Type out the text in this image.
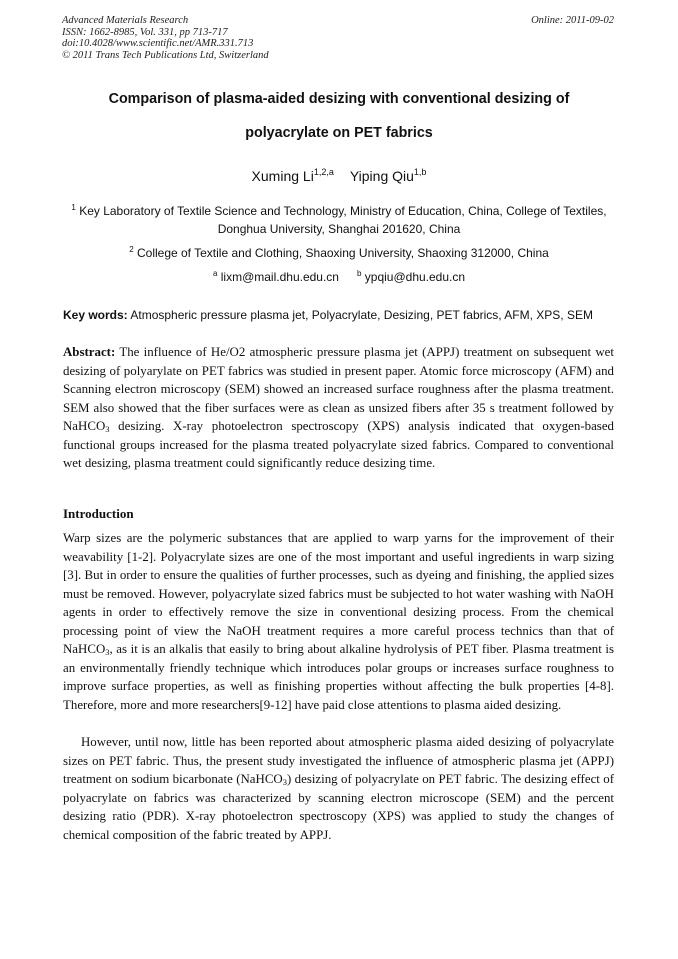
Advanced Materials Research
ISSN: 1662-8985, Vol. 331, pp 713-717
doi:10.4028/www.scientific.net/AMR.331.713
© 2011 Trans Tech Publications Ltd, Switzerland
Online: 2011-09-02
Comparison of plasma-aided desizing with conventional desizing of
polyacrylate on PET fabrics
Xuming Li$^{1,2,a}$ Yiping Qiu$^{1,b}$
$^1$ Key Laboratory of Textile Science and Technology, Ministry of Education, China, College of Textiles, Donghua University, Shanghai 201620, China
$^2$ College of Textile and Clothing, Shaoxing University, Shaoxing 312000, China
$^a$ lixm@mail.dhu.edu.cn $^b$ ypqiu@dhu.edu.cn
Key words: Atmospheric pressure plasma jet, Polyacrylate, Desizing, PET fabrics, AFM, XPS, SEM
Abstract: The influence of He/O2 atmospheric pressure plasma jet (APPJ) treatment on subsequent wet desizing of polyarylate on PET fabrics was studied in present paper. Atomic force microscopy (AFM) and Scanning electron microscopy (SEM) showed an increased surface roughness after the plasma treatment. SEM also showed that the fiber surfaces were as clean as unsized fibers after 35 s treatment followed by NaHCO$_3$ desizing. X-ray photoelectron spectroscopy (XPS) analysis indicated that oxygen-based functional groups increased for the plasma treated polyacrylate sized fabrics. Compared to conventional wet desizing, plasma treatment could significantly reduce desizing time.
Introduction
Warp sizes are the polymeric substances that are applied to warp yarns for the improvement of their weavability [1-2]. Polyacrylate sizes are one of the most important and useful ingredients in warp sizing [3]. But in order to ensure the qualities of further processes, such as dyeing and finishing, the applied sizes must be removed. However, polyacrylate sized fabrics must be subjected to hot water washing with NaOH agents in order to effectively remove the size in conventional desizing process. From the chemical processing point of view the NaOH treatment requires a more careful process technics than that of NaHCO$_3$, as it is an alkalis that easily to bring about alkaline hydrolysis of PET fiber. Plasma treatment is an environmentally friendly technique which introduces polar groups or increases surface roughness to improve surface properties, as well as finishing properties without affecting the bulk properties [4-8]. Therefore, more and more researchers[9-12] have paid close attentions to plasma aided desizing.
However, until now, little has been reported about atmospheric plasma aided desizing of polyacrylate sizes on PET fabric. Thus, the present study investigated the influence of atmospheric plasma jet (APPJ) treatment on sodium bicarbonate (NaHCO$_3$) desizing of polyacrylate on PET fabric. The desizing effect of polyacrylate on fabrics was characterized by scanning electron microscope (SEM) and the percent desizing ratio (PDR). X-ray photoelectron spectroscopy (XPS) was applied to study the changes of chemical composition of the fabric treated by APPJ.
